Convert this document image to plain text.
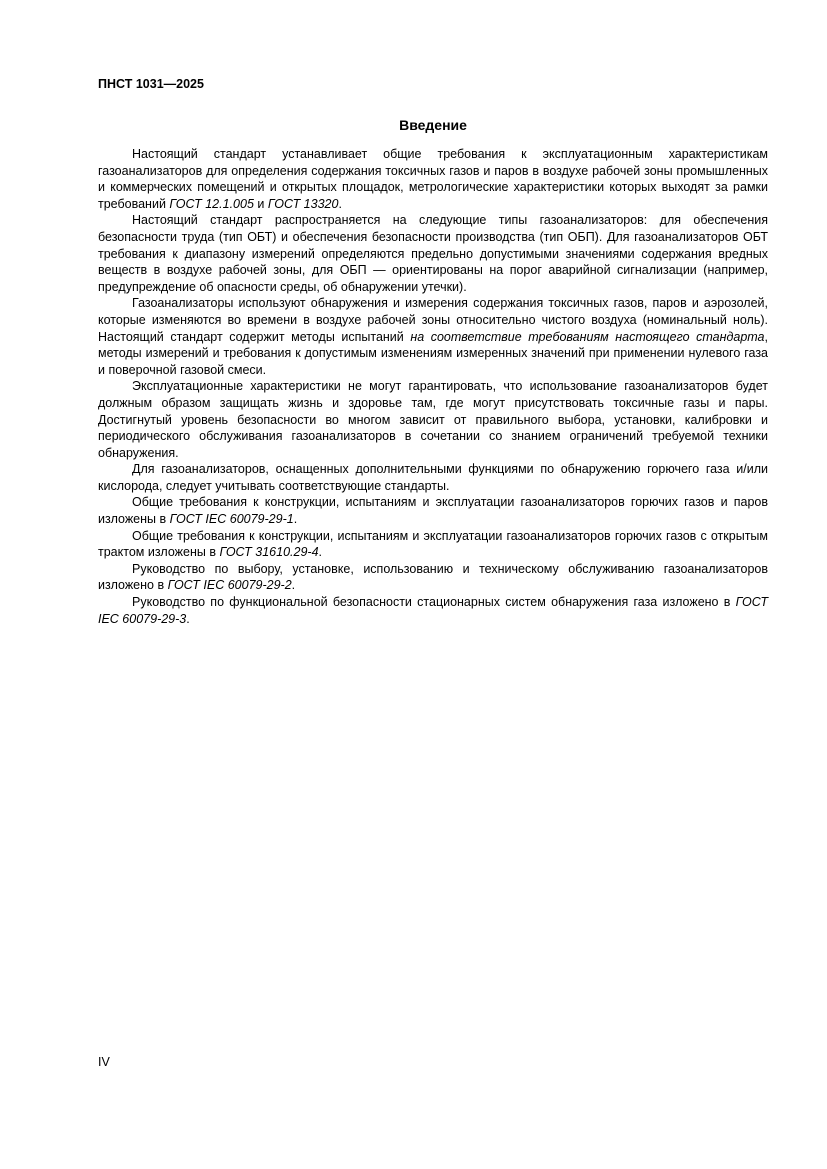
ПНСТ 1031—2025
Введение

Настоящий стандарт устанавливает общие требования к эксплуатационным характеристикам газоанализаторов для определения содержания токсичных газов и паров в воздухе рабочей зоны промышленных и коммерческих помещений и открытых площадок, метрологические характеристики которых выходят за рамки требований ГОСТ 12.1.005 и ГОСТ 13320.

Настоящий стандарт распространяется на следующие типы газоанализаторов: для обеспечения безопасности труда (тип ОБТ) и обеспечения безопасности производства (тип ОБП). Для газоанализаторов ОБТ требования к диапазону измерений определяются предельно допустимыми значениями содержания вредных веществ в воздухе рабочей зоны, для ОБП — ориентированы на порог аварийной сигнализации (например, предупреждение об опасности среды, об обнаружении утечки).

Газоанализаторы используют обнаружения и измерения содержания токсичных газов, паров и аэрозолей, которые изменяются во времени в воздухе рабочей зоны относительно чистого воздуха (номинальный ноль). Настоящий стандарт содержит методы испытаний на соответствие требованиям настоящего стандарта, методы измерений и требования к допустимым изменениям измеренных значений при применении нулевого газа и поверочной газовой смеси.

Эксплуатационные характеристики не могут гарантировать, что использование газоанализаторов будет должным образом защищать жизнь и здоровье там, где могут присутствовать токсичные газы и пары. Достигнутый уровень безопасности во многом зависит от правильного выбора, установки, калибровки и периодического обслуживания газоанализаторов в сочетании со знанием ограничений требуемой техники обнаружения.

Для газоанализаторов, оснащенных дополнительными функциями по обнаружению горючего газа и/или кислорода, следует учитывать соответствующие стандарты.

Общие требования к конструкции, испытаниям и эксплуатации газоанализаторов горючих газов и паров изложены в ГОСТ IEC 60079-29-1.

Общие требования к конструкции, испытаниям и эксплуатации газоанализаторов горючих газов с открытым трактом изложены в ГОСТ 31610.29-4.

Руководство по выбору, установке, использованию и техническому обслуживанию газоанализаторов изложено в ГОСТ IEC 60079-29-2.

Руководство по функциональной безопасности стационарных систем обнаружения газа изложено в ГОСТ IEC 60079-29-3.

IV
